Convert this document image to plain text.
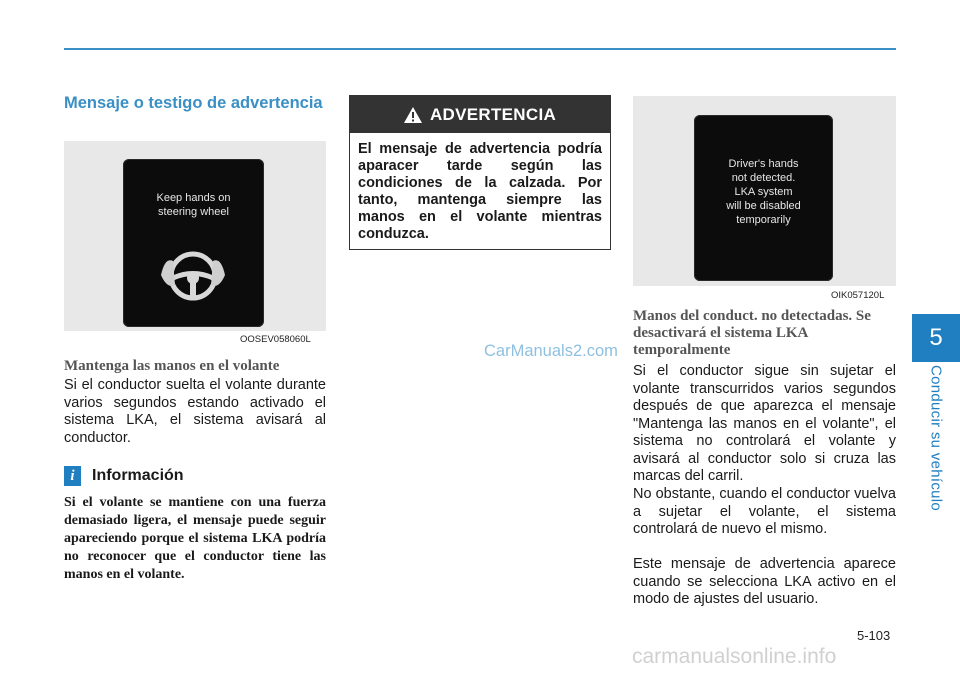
5
Conducir su vehículo
Mensaje o testigo de advertencia
Keep hands on
steering wheel
OOSEV058060L
Mantenga las manos en el volante
Si el conductor suelta el volante durante varios segundos estando activado el sistema LKA, el sistema avisará al conductor.
i	Información
Si el volante se mantiene con una fuerza demasiado ligera, el mensaje puede seguir apareciendo porque el sistema LKA podría no reconocer que el conductor tiene las manos en el volante.
ADVERTENCIA
El mensaje de advertencia podría aparacer tarde según las condiciones de la calzada. Por tanto, mantenga siempre las manos en el volante mientras conduzca.
CarManuals2.com
Driver's hands
not detected.
LKA system
will be disabled
temporarily
OIK057120L
Manos del conduct. no detectadas. Se desactivará el sistema LKA temporalmente
Si el conductor sigue sin sujetar el volante transcurridos varios segundos después de que aparezca el mensaje "Mantenga las manos en el volante", el sistema no controlará el volante y avisará al conductor solo si cruza las marcas del carril.
No obstante, cuando el conductor vuelva a sujetar el volante, el sistema controlará de nuevo el mismo.
Este mensaje de advertencia aparece cuando se selecciona LKA activo en el modo de ajustes del usuario.
5-103
carmanualsonline.info
